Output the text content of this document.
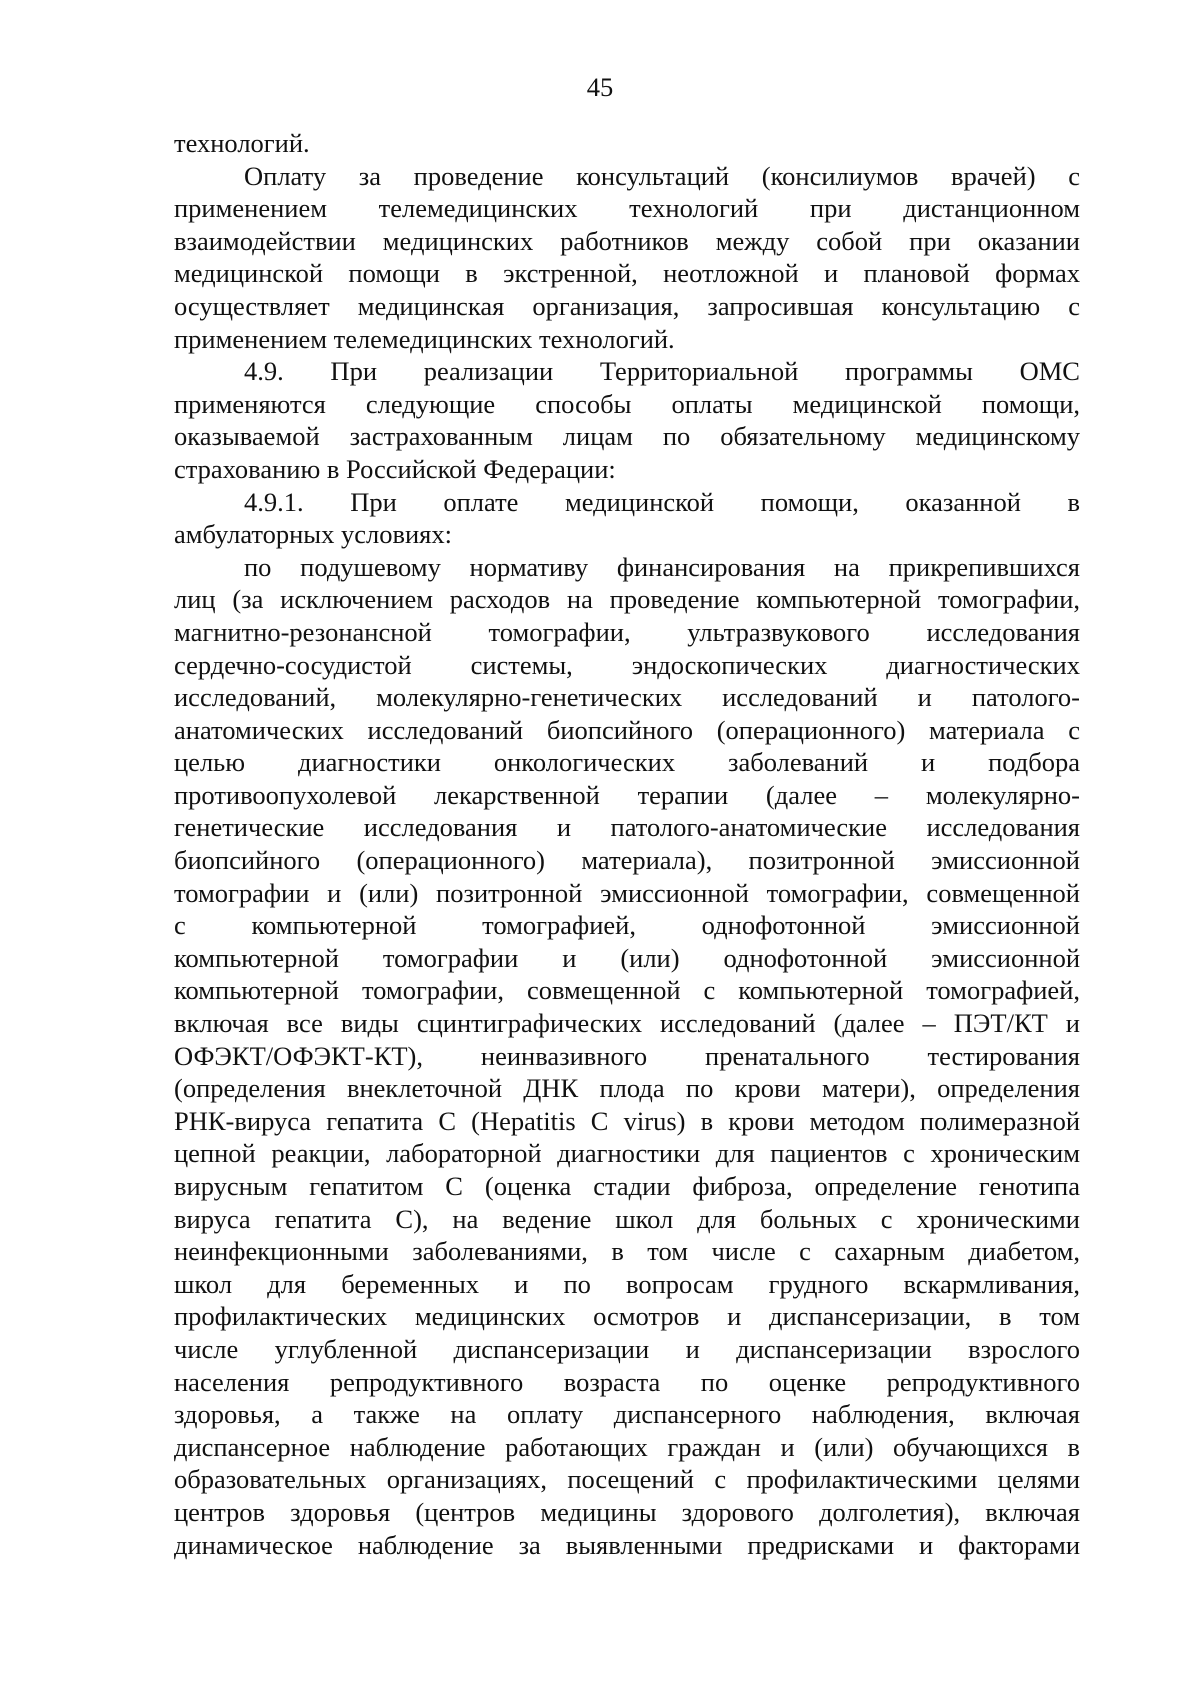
45
технологий.
Оплату за проведение консультаций (консилиумов врачей) с
применением телемедицинских технологий при дистанционном
взаимодействии медицинских работников между собой при оказании
медицинской помощи в экстренной, неотложной и плановой формах
осуществляет медицинская организация, запросившая консультацию с
применением телемедицинских технологий.
4.9. При реализации Территориальной программы ОМС
применяются следующие способы оплаты медицинской помощи,
оказываемой застрахованным лицам по обязательному медицинскому
страхованию в Российской Федерации:
4.9.1. При оплате медицинской помощи, оказанной в
амбулаторных условиях:
по подушевому нормативу финансирования на прикрепившихся
лиц (за исключением расходов на проведение компьютерной томографии,
магнитно-резонансной томографии, ультразвукового исследования
сердечно-сосудистой системы, эндоскопических диагностических
исследований, молекулярно-генетических исследований и патолого-
анатомических исследований биопсийного (операционного) материала с
целью диагностики онкологических заболеваний и подбора
противоопухолевой лекарственной терапии (далее – молекулярно-
генетические исследования и патолого-анатомические исследования
биопсийного (операционного) материала), позитронной эмиссионной
томографии и (или) позитронной эмиссионной томографии, совмещенной
с компьютерной томографией, однофотонной эмиссионной
компьютерной томографии и (или) однофотонной эмиссионной
компьютерной томографии, совмещенной с компьютерной томографией,
включая все виды сцинтиграфических исследований (далее – ПЭТ/КТ и
ОФЭКТ/ОФЭКТ-КТ), неинвазивного пренатального тестирования
(определения внеклеточной ДНК плода по крови матери), определения
РНК-вируса гепатита С (Hepatitis C virus) в крови методом полимеразной
цепной реакции, лабораторной диагностики для пациентов с хроническим
вирусным гепатитом С (оценка стадии фиброза, определение генотипа
вируса гепатита С), на ведение школ для больных с хроническими
неинфекционными заболеваниями, в том числе с сахарным диабетом,
школ для беременных и по вопросам грудного вскармливания,
профилактических медицинских осмотров и диспансеризации, в том
числе углубленной диспансеризации и диспансеризации взрослого
населения репродуктивного возраста по оценке репродуктивного
здоровья, а также на оплату диспансерного наблюдения, включая
диспансерное наблюдение работающих граждан и (или) обучающихся в
образовательных организациях, посещений с профилактическими целями
центров здоровья (центров медицины здорового долголетия), включая
динамическое наблюдение за выявленными предрисками и факторами
